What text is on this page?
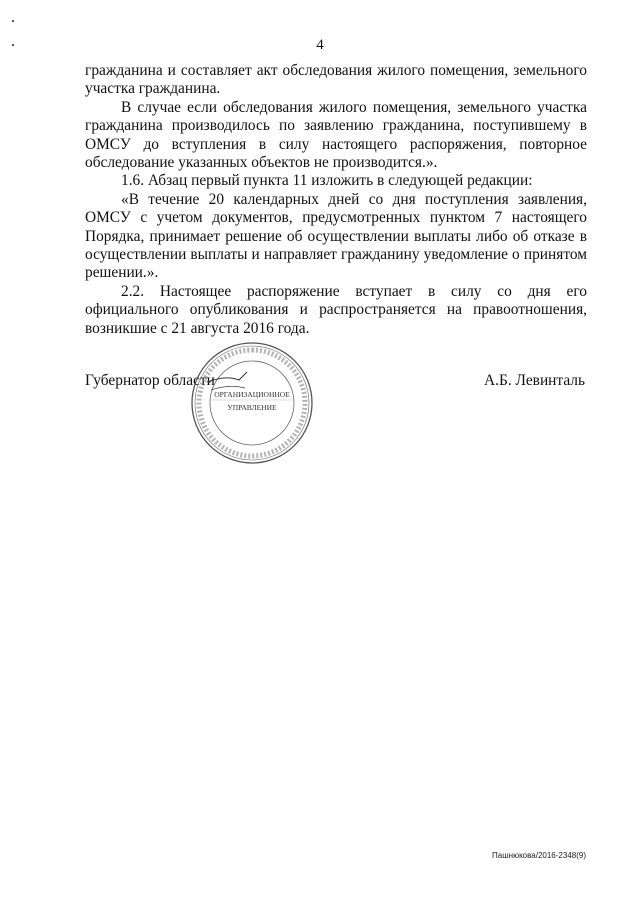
4

гражданина и составляет акт обследования жилого помещения, земельного участка гражданина.

В случае если обследования жилого помещения, земельного участка гражданина производилось по заявлению гражданина, поступившему в ОМСУ до вступления в силу настоящего распоряжения, повторное обследование указанных объектов не производится.».

1.6. Абзац первый пункта 11 изложить в следующей редакции:

«В течение 20 календарных дней со дня поступления заявления, ОМСУ с учетом документов, предусмотренных пунктом 7 настоящего Порядка, принимает решение об осуществлении выплаты либо об отказе в осуществлении выплаты и направляет гражданину уведомление о принятом решении.».

2.2. Настоящее распоряжение вступает в силу со дня его официального опубликования и распространяется на правоотношения, возникшие с 21 августа 2016 года.

Губернатор области	А.Б. Левинталь
ОРГАНИЗАЦИОННОЕ
УПРАВЛЕНИЕ
Пашнюкова/2016-2348(9)
